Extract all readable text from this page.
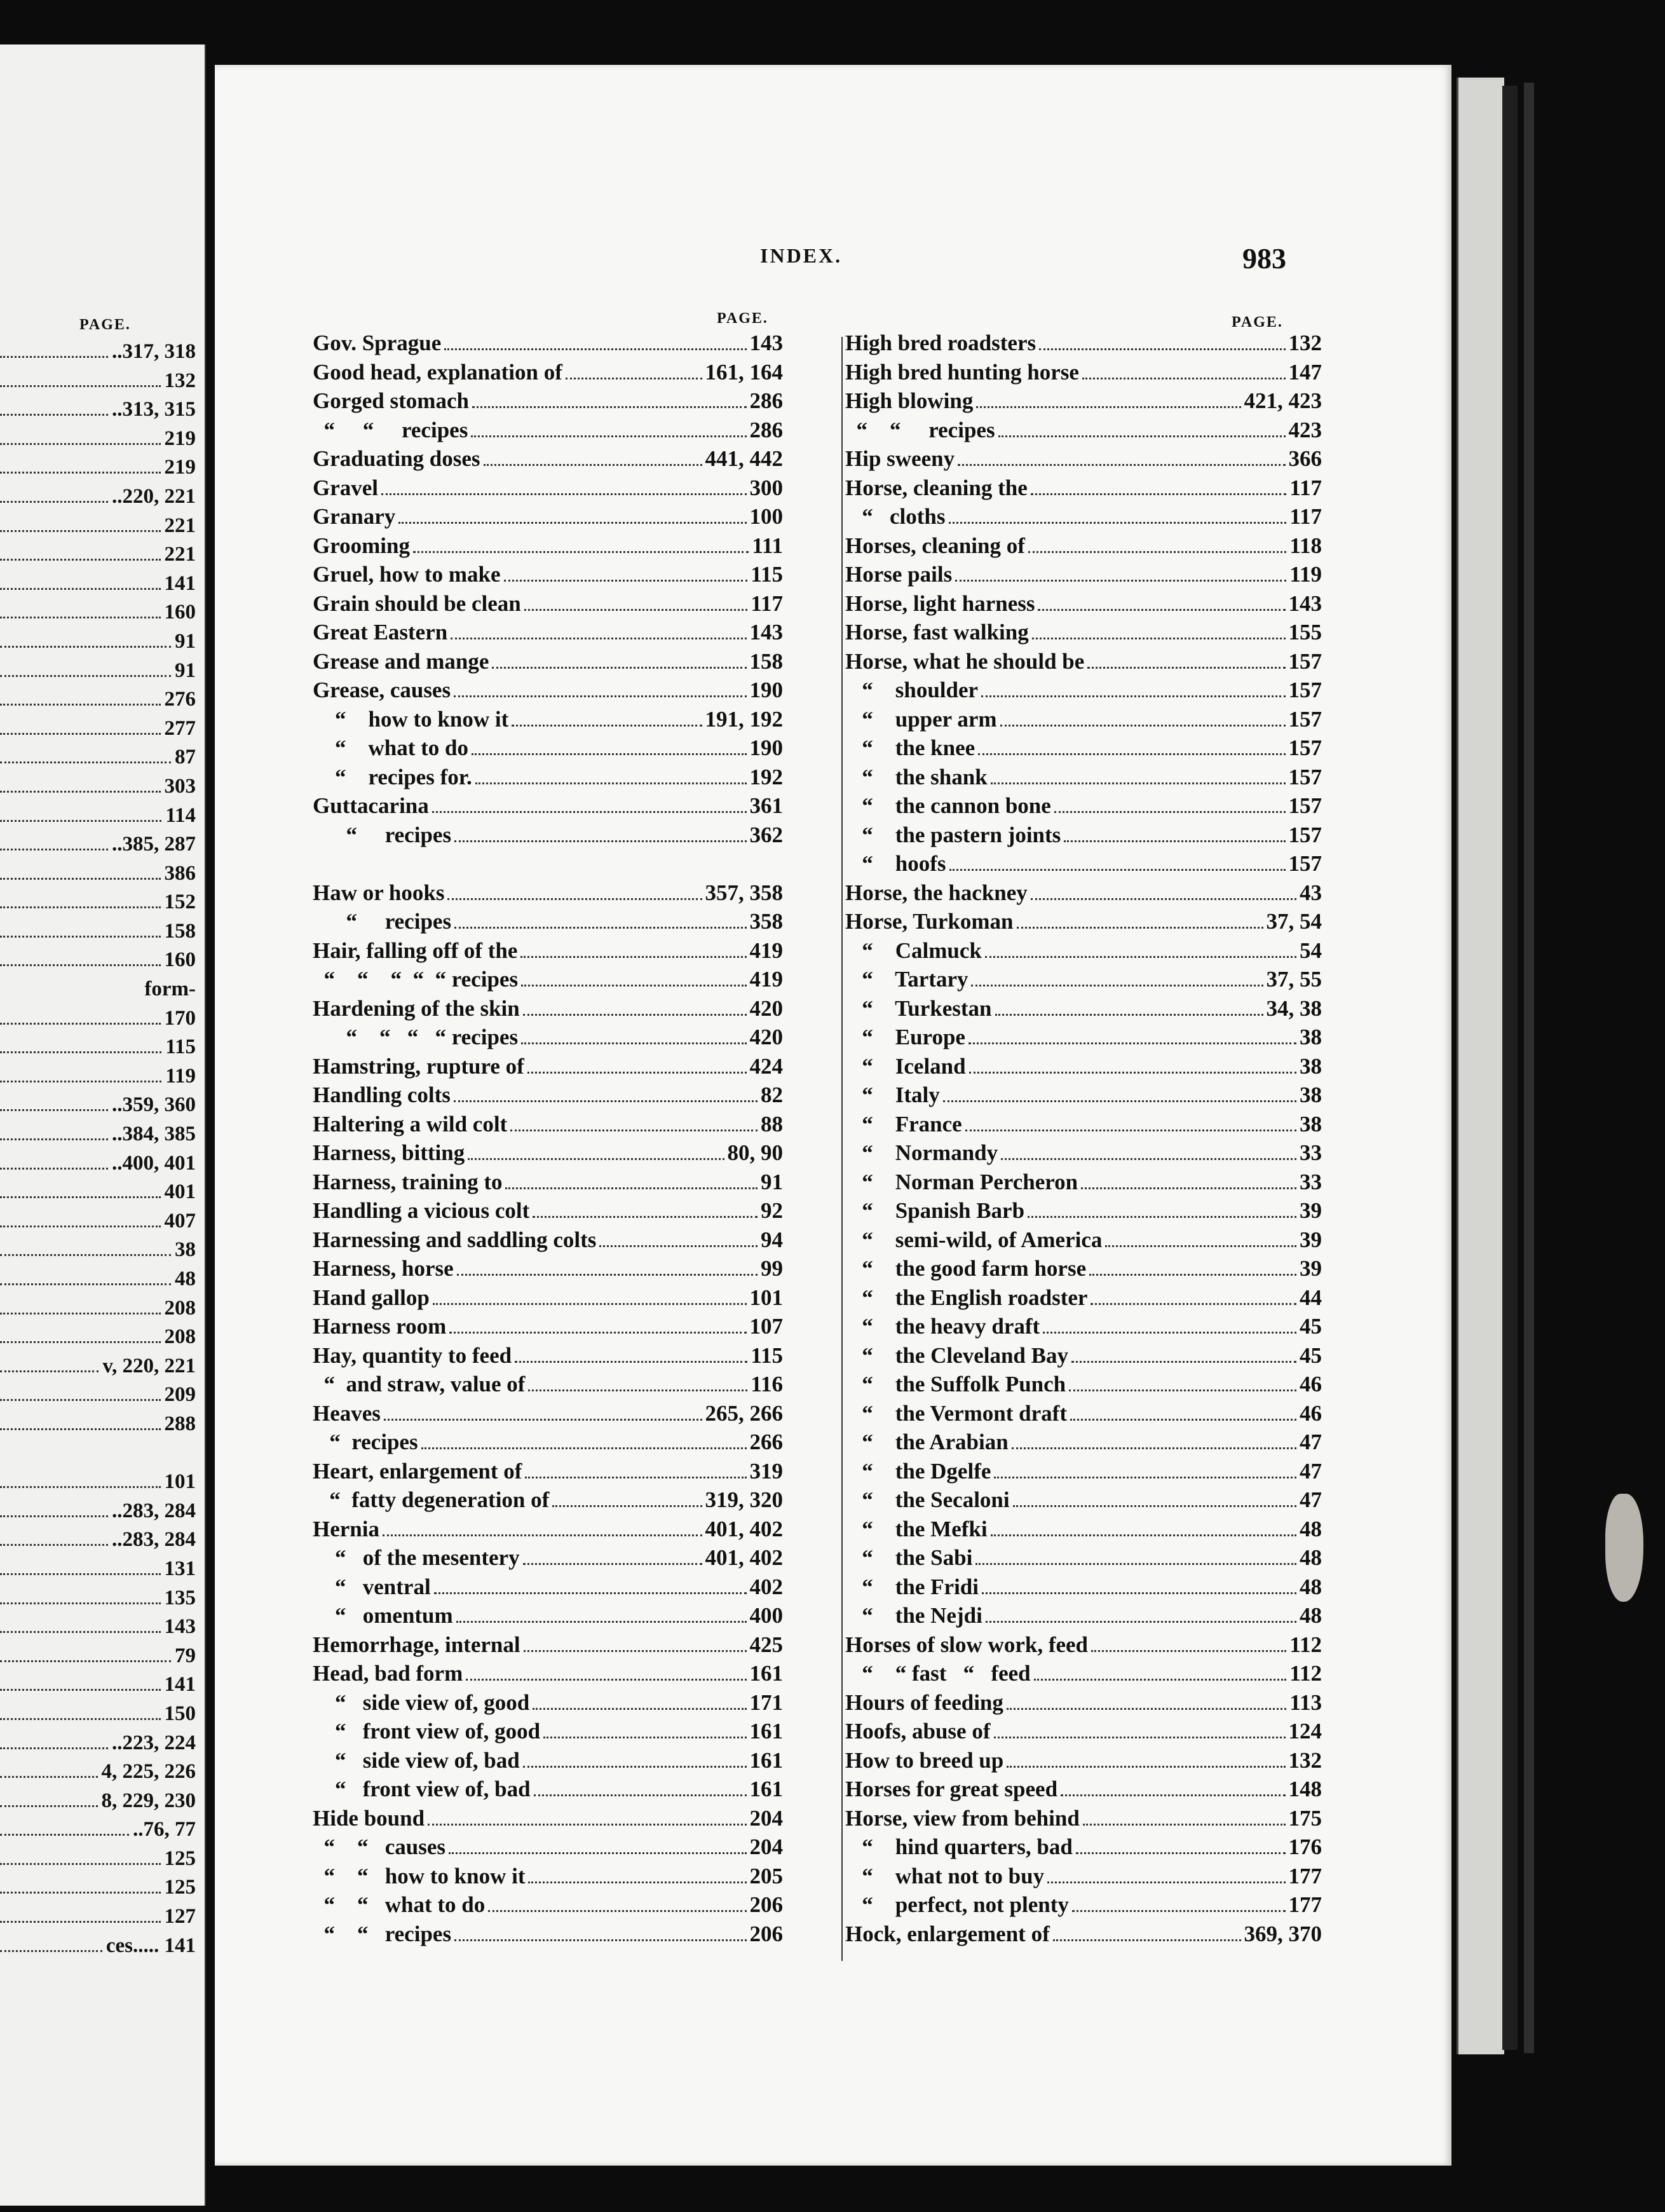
PAGE.
..317, 318
132
..313, 315
219
219
..220, 221
221
221
141
160
91
91
276
277
87
303
114
..385, 287
386
152
158
160
form-
170
115
119
..359, 360
..384, 385
..400, 401
401
407
38
48
208
208
v, 220, 221
209
288
101
..283, 284
..283, 284
131
135
143
79
141
150
..223, 224
4, 225, 226
8, 229, 230
..76, 77
125
125
127
ces..... 141
INDEX.	983
PAGE.	PAGE.
Gov. Sprague	143
Good head, explanation of	161, 164
Gorged stomach	286
“     “     recipes	286
Graduating doses	441, 442
Gravel	300
Granary	100
Grooming	111
Gruel, how to make	115
Grain should be clean	117
Great Eastern	143
Grease and mange	158
Grease, causes	190
“    how to know it	191, 192
“    what to do	190
“    recipes for.	192
Guttacarina	361
“     recipes	362
Haw or hooks	357, 358
“     recipes	358
Hair, falling off of the	419
“    “    “  “  “ recipes	419
Hardening of the skin	420
“    “   “   “ recipes	420
Hamstring, rupture of	424
Handling colts	82
Haltering a wild colt	88
Harness, bitting	80, 90
Harness, training to	91
Handling a vicious colt	92
Harnessing and saddling colts	94
Harness, horse	99
Hand gallop	101
Harness room	107
Hay, quantity to feed	115
“  and straw, value of	116
Heaves	265, 266
“  recipes	266
Heart, enlargement of	319
“  fatty degeneration of	319, 320
Hernia	401, 402
“   of the mesentery	401, 402
“   ventral	402
“   omentum	400
Hemorrhage, internal	425
Head, bad form	161
“   side view of, good	171
“   front view of, good	161
“   side view of, bad	161
“   front view of, bad	161
Hide bound	204
“    “   causes	204
“    “   how to know it	205
“    “   what to do	206
“    “   recipes	206
High bred roadsters	132
High bred hunting horse	147
High blowing	421, 423
“    “     recipes	423
Hip sweeny	366
Horse, cleaning the	117
“   cloths	117
Horses, cleaning of	118
Horse pails	119
Horse, light harness	143
Horse, fast walking	155
Horse, what he should be	157
“    shoulder	157
“    upper arm	157
“    the knee	157
“    the shank	157
“    the cannon bone	157
“    the pastern joints	157
“    hoofs	157
Horse, the hackney	43
Horse, Turkoman	37, 54
“    Calmuck	54
“    Tartary	37, 55
“    Turkestan	34, 38
“    Europe	38
“    Iceland	38
“    Italy	38
“    France	38
“    Normandy	33
“    Norman Percheron	33
“    Spanish Barb	39
“    semi-wild, of America	39
“    the good farm horse	39
“    the English roadster	44
“    the heavy draft	45
“    the Cleveland Bay	45
“    the Suffolk Punch	46
“    the Vermont draft	46
“    the Arabian	47
“    the Dgelfe	47
“    the Secaloni	47
“    the Mefki	48
“    the Sabi	48
“    the Fridi	48
“    the Nejdi	48
Horses of slow work, feed	112
“    “ fast   “   feed	112
Hours of feeding	113
Hoofs, abuse of	124
How to breed up	132
Horses for great speed	148
Horse, view from behind	175
“    hind quarters, bad	176
“    what not to buy	177
“    perfect, not plenty	177
Hock, enlargement of	369, 370
